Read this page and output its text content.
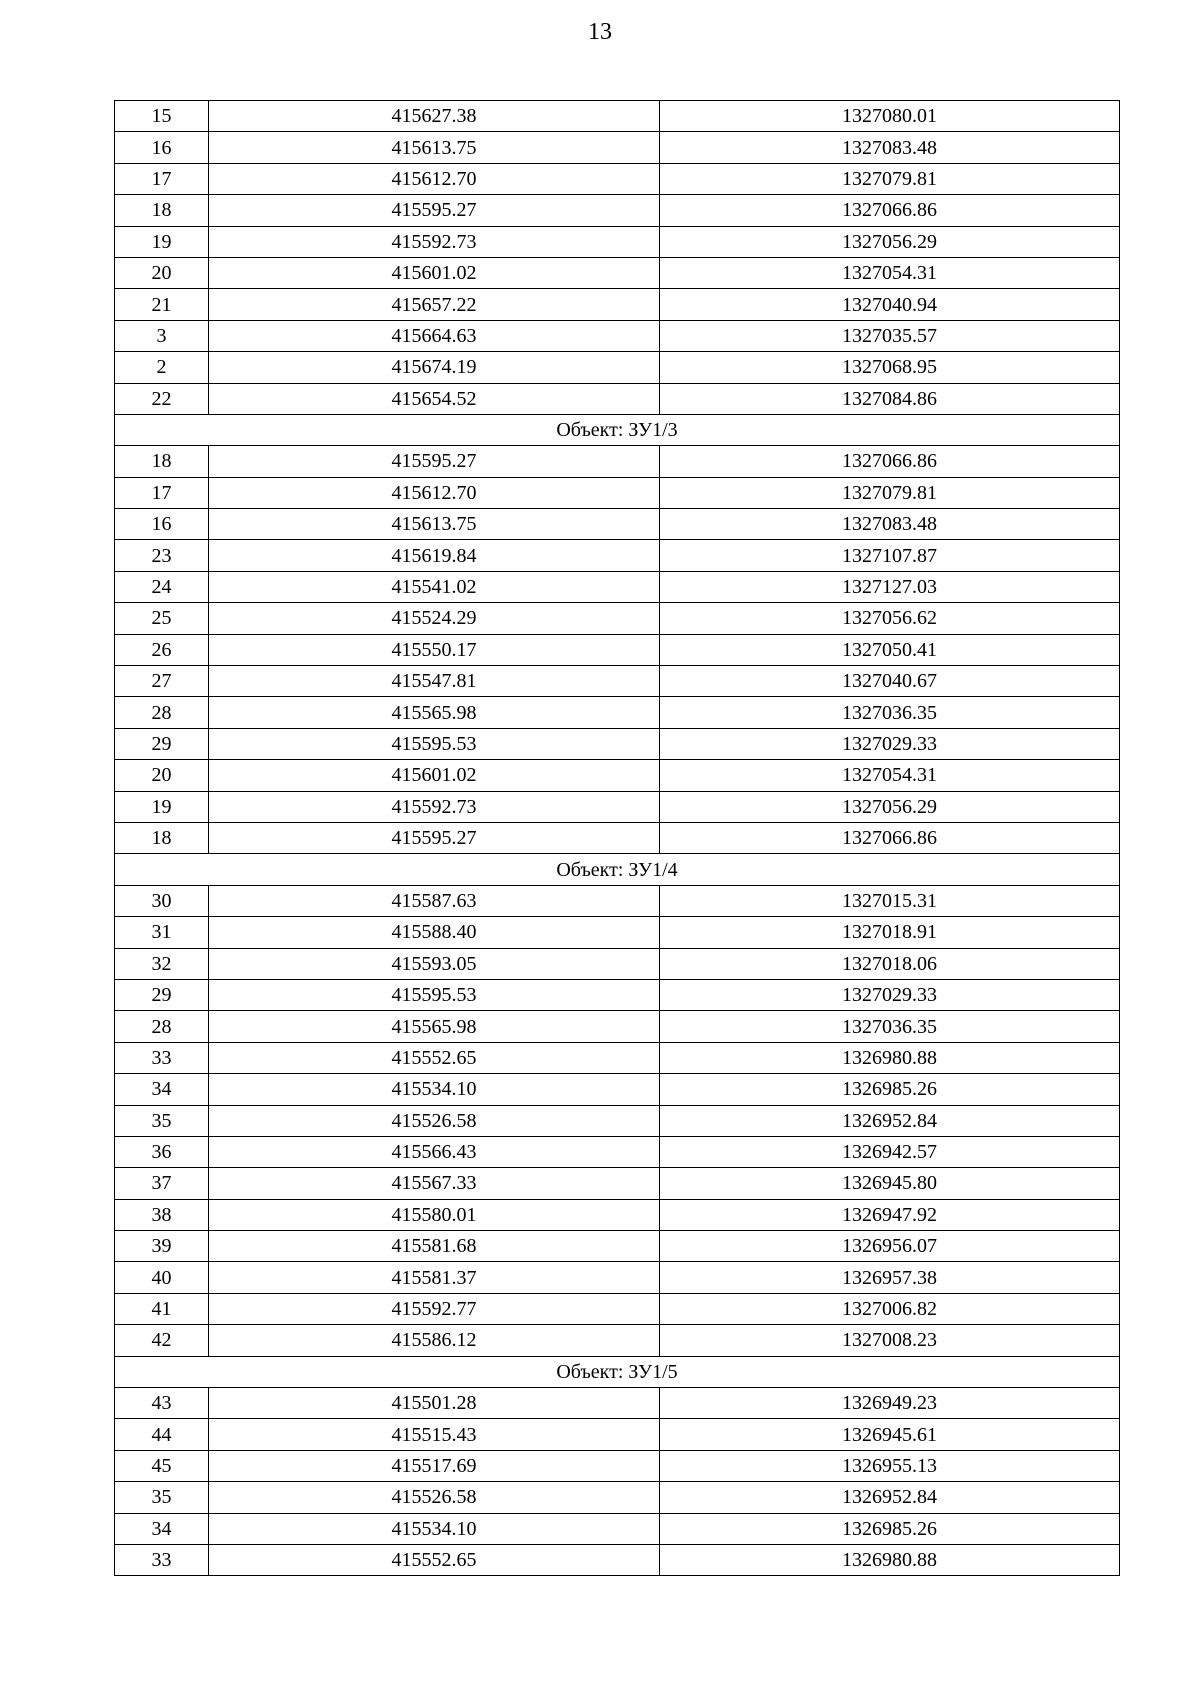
13
15	415627.38	1327080.01
16	415613.75	1327083.48
17	415612.70	1327079.81
18	415595.27	1327066.86
19	415592.73	1327056.29
20	415601.02	1327054.31
21	415657.22	1327040.94
3	415664.63	1327035.57
2	415674.19	1327068.95
22	415654.52	1327084.86
Объект: ЗУ1/3		
18	415595.27	1327066.86
17	415612.70	1327079.81
16	415613.75	1327083.48
23	415619.84	1327107.87
24	415541.02	1327127.03
25	415524.29	1327056.62
26	415550.17	1327050.41
27	415547.81	1327040.67
28	415565.98	1327036.35
29	415595.53	1327029.33
20	415601.02	1327054.31
19	415592.73	1327056.29
18	415595.27	1327066.86
Объект: ЗУ1/4		
30	415587.63	1327015.31
31	415588.40	1327018.91
32	415593.05	1327018.06
29	415595.53	1327029.33
28	415565.98	1327036.35
33	415552.65	1326980.88
34	415534.10	1326985.26
35	415526.58	1326952.84
36	415566.43	1326942.57
37	415567.33	1326945.80
38	415580.01	1326947.92
39	415581.68	1326956.07
40	415581.37	1326957.38
41	415592.77	1327006.82
42	415586.12	1327008.23
Объект: ЗУ1/5		
43	415501.28	1326949.23
44	415515.43	1326945.61
45	415517.69	1326955.13
35	415526.58	1326952.84
34	415534.10	1326985.26
33	415552.65	1326980.88
